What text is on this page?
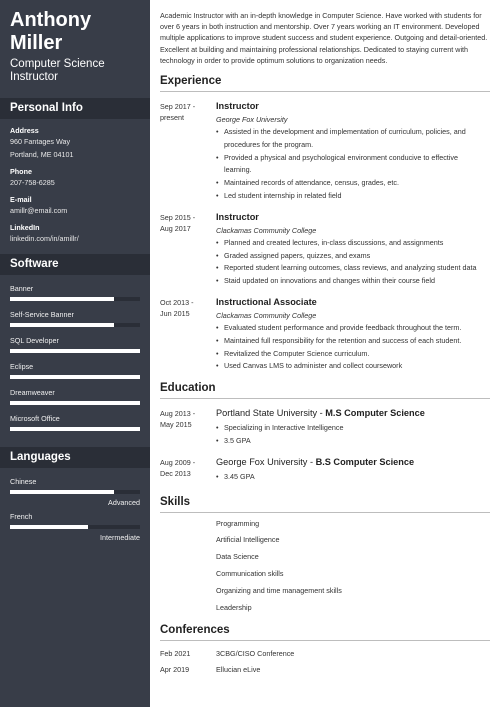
Anthony
Miller
Computer Science Instructor
Personal Info
Address
960 Fantages Way
Portland, ME 04101
Phone
207-758-6285
E-mail
amillr@email.com
LinkedIn
linkedin.com/in/amillr/
Software
Banner
Self-Service Banner
SQL Developer
Eclipse
Dreamweaver
Microsoft Office
Languages
Chinese
Advanced
French
Intermediate
Academic Instructor with an in-depth knowledge in Computer Science. Have worked with students for over 6 years in both instruction and mentorship. Over 7 years working an IT environment. Developed multiple applications to improve student success and student experience. Outgoing and detail-oriented. Excellent at building and maintaining professional relationships. Dedicated to staying current with technology in order to provide optimum solutions to organization needs.
Experience
Sep 2017 -
present
Instructor
George Fox University
• Assisted in the development and implementation of curriculum, policies, and
procedures for the program.
• Provided a physical and psychological environment conducive to effective
learning.
• Maintained records of attendance, census, grades, etc.
• Led student internship in related field
Sep 2015 -
Aug 2017
Instructor
Clackamas Community College
• Planned and created lectures, in-class discussions, and assignments
• Graded assigned papers, quizzes, and exams
• Reported student learning outcomes, class reviews, and analyzing student data
• Staid updated on innovations and changes within their course field
Oct 2013 -
Jun 2015
Instructional Associate
Clackamas Community College
• Evaluated student performance and provide feedback throughout the term.
• Maintained full responsibility for the retention and success of each student.
• Revitalized the Computer Science curriculum.
• Used Canvas LMS to administer and collect coursework
Education
Aug 2013 -
May 2015
Portland State University - M.S Computer Science
• Specializing in Interactive Intelligence
• 3.5 GPA
Aug 2009 -
Dec 2013
George Fox University - B.S Computer Science
• 3.45 GPA
Skills
Programming
Artificial Intelligence
Data Science
Communication skills
Organizing and time management skills
Leadership
Conferences
Feb 2021	3CBG/CISO Conference
Apr 2019	Ellucian eLive
